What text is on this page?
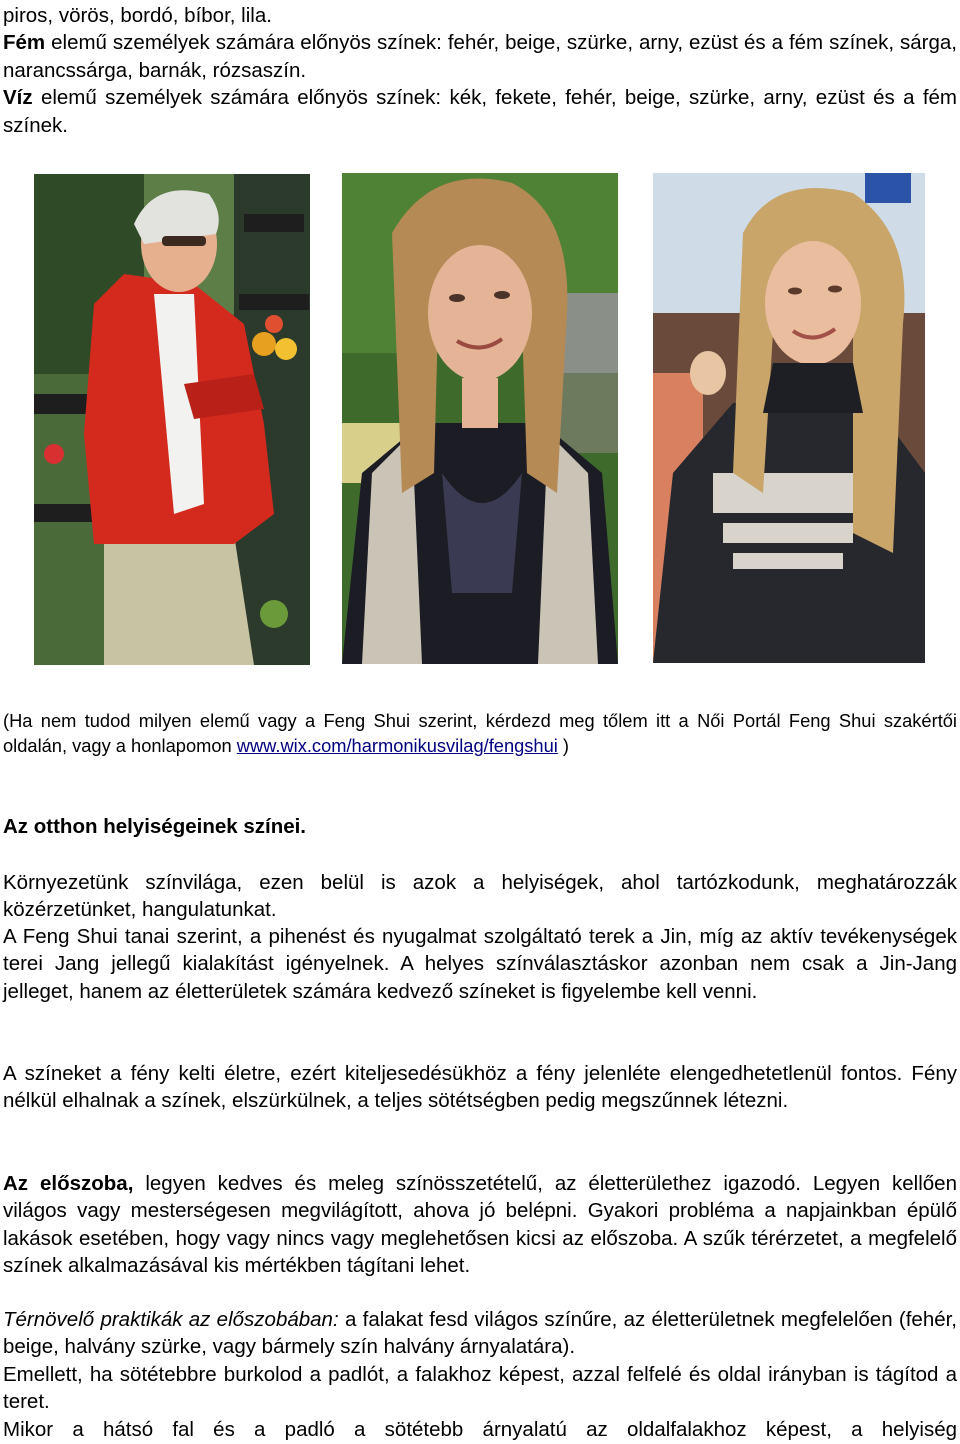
piros, vörös, bordó, bíbor, lila.

Fém elemű személyek számára előnyös színek: fehér, beige, szürke, arny, ezüst és a fém színek, sárga, narancssárga, barnák, rózsaszín.

Víz elemű személyek számára előnyös színek: kék, fekete, fehér, beige, szürke, arny, ezüst és a fém színek.

(Ha nem tudod milyen elemű vagy a Feng Shui szerint, kérdezd meg tőlem itt a Női Portál Feng Shui szakértői oldalán, vagy a honlapomon www.wix.com/harmonikusvilag/fengshui )

Az otthon helyiségeinek színei.

Környezetünk színvilága, ezen belül is azok a helyiségek, ahol tartózkodunk, meghatározzák közérzetünket, hangulatunkat.

A Feng Shui tanai szerint, a pihenést és nyugalmat szolgáltató terek a Jin, míg az aktív tevékenységek terei Jang jellegű kialakítást igényelnek. A helyes színválasztáskor azonban nem csak a Jin-Jang jelleget, hanem az életterületek számára kedvező színeket is figyelembe kell venni.

A színeket a fény kelti életre, ezért kiteljesedésükhöz a fény jelenléte elengedhetetlenül fontos. Fény nélkül elhalnak a színek, elszürkülnek, a teljes sötétségben pedig megszűnnek létezni.

Az előszoba, legyen kedves és meleg színösszetételű, az életterülethez igazodó. Legyen kellően világos vagy mesterségesen megvilágított, ahova jó belépni. Gyakori probléma a napjainkban épülő lakások esetében, hogy vagy nincs vagy meglehetősen kicsi az előszoba. A szűk térérzetet, a megfelelő színek alkalmazásával kis mértékben tágítani lehet.

Térnövelő praktikák az előszobában: a falakat fesd világos színűre, az életterületnek megfelelően (fehér, beige, halvány szürke, vagy bármely szín halvány árnyalatára).

Emellett, ha sötétebbre burkolod a padlót, a falakhoz képest, azzal felfelé és oldal irányban is tágítod a teret.

Mikor a hátsó fal és a padló a sötétebb árnyalatú az oldalfalakhoz képest, a helyiség
